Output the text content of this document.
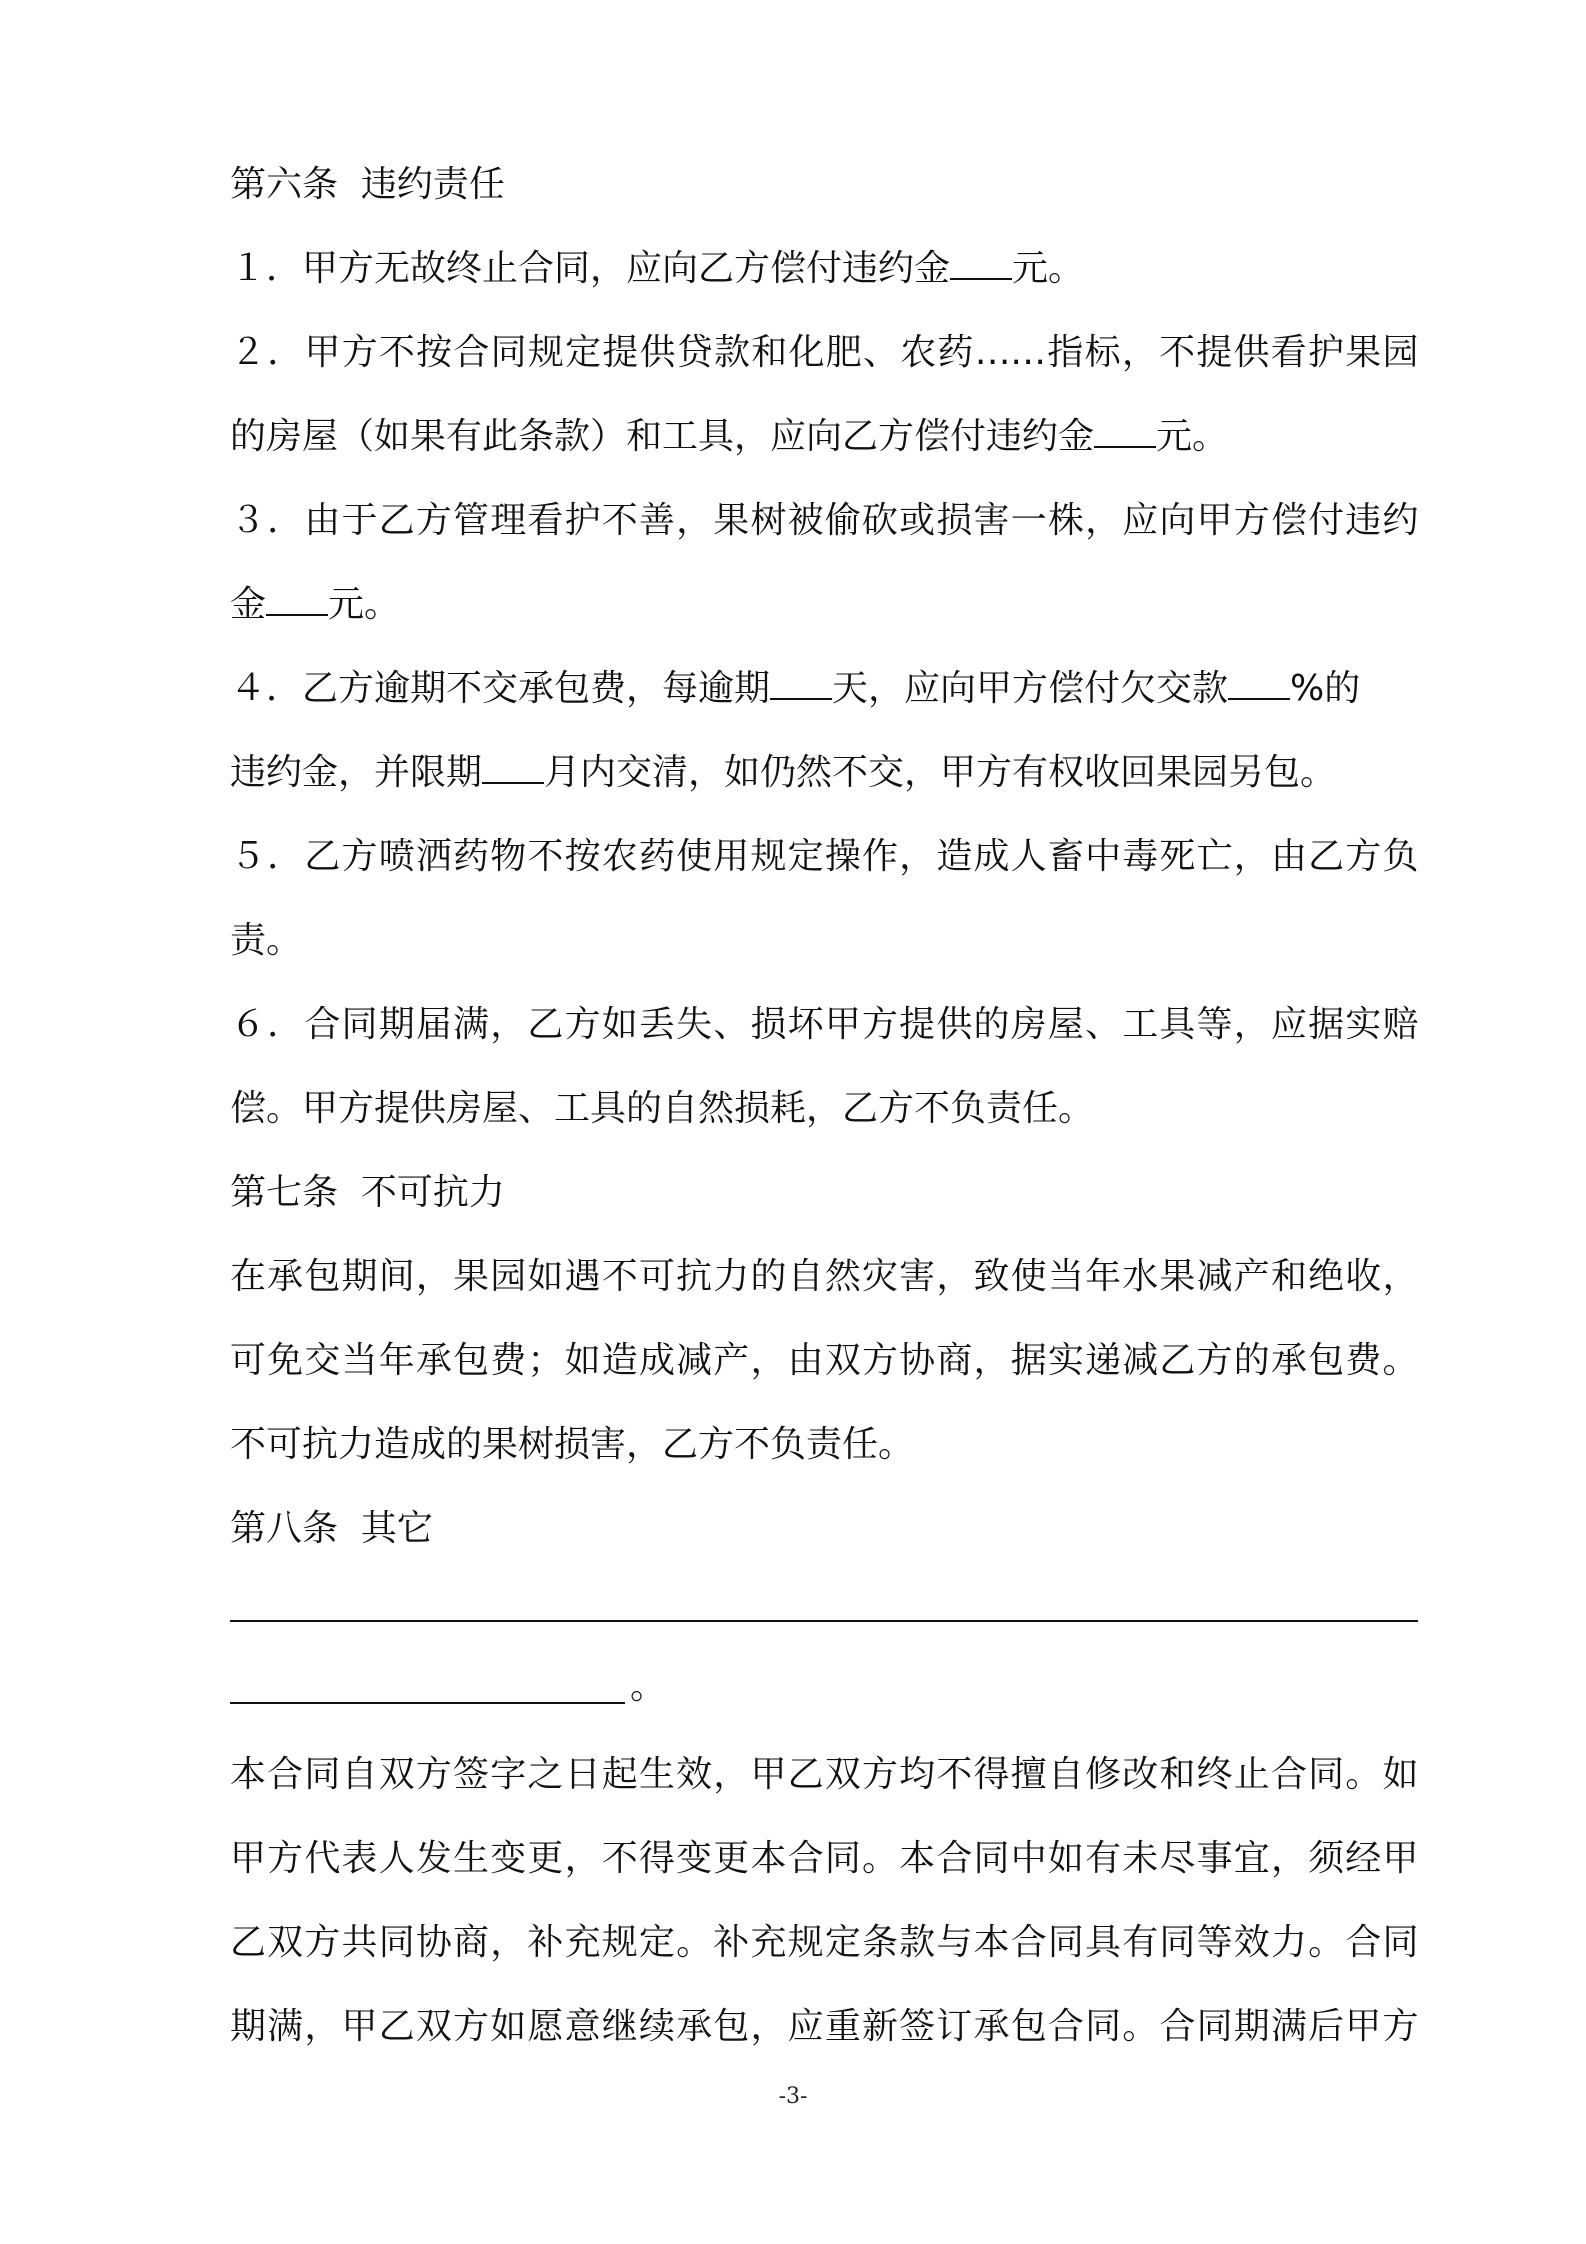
第六条  违约责任
１．甲方无故终止合同，应向乙方偿付违约金 元。
２．甲方不按合同规定提供贷款和化肥、农药……指标，不提供看护果园
的房屋（如果有此条款）和工具，应向乙方偿付违约金 元。
３．由于乙方管理看护不善，果树被偷砍或损害一株，应向甲方偿付违约
金 元。
４．乙方逾期不交承包费，每逾期 天，应向甲方偿付欠交款 %的
违约金，并限期 月内交清，如仍然不交，甲方有权收回果园另包。
５．乙方喷洒药物不按农药使用规定操作，造成人畜中毒死亡，由乙方负
责。
６．合同期届满，乙方如丢失、损坏甲方提供的房屋、工具等，应据实赔
偿。甲方提供房屋、工具的自然损耗，乙方不负责任。
第七条  不可抗力
在承包期间，果园如遇不可抗力的自然灾害，致使当年水果减产和绝收，
可免交当年承包费；如造成减产，由双方协商，据实递减乙方的承包费。
不可抗力造成的果树损害，乙方不负责任。
第八条  其它
。
本合同自双方签字之日起生效，甲乙双方均不得擅自修改和终止合同。如
甲方代表人发生变更，不得变更本合同。本合同中如有未尽事宜，须经甲
乙双方共同协商，补充规定。补充规定条款与本合同具有同等效力。合同
期满，甲乙双方如愿意继续承包，应重新签订承包合同。合同期满后甲方
-3-
